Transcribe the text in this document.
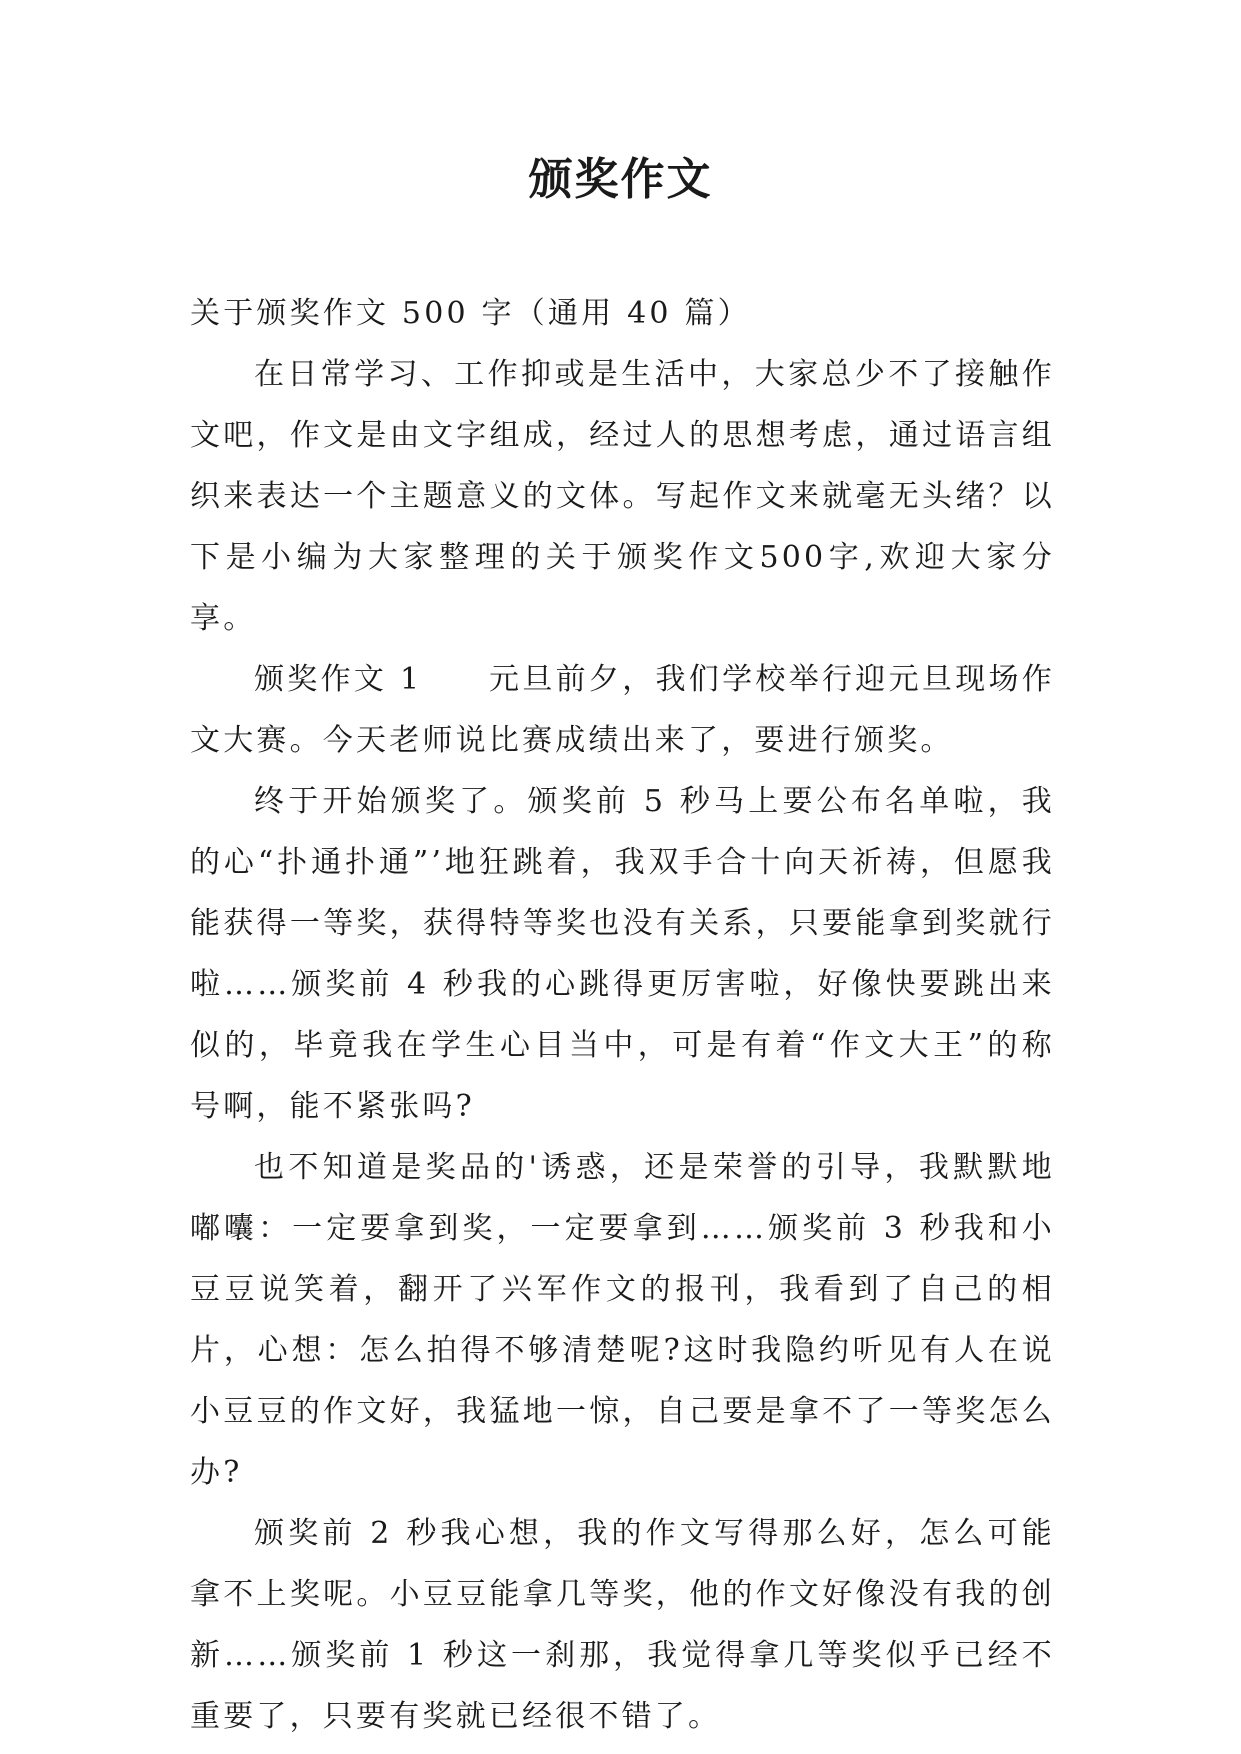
颁奖作文

关于颁奖作文 500 字（通用 40 篇）

在日常学习、工作抑或是生活中，大家总少不了接触作文吧，作文是由文字组成，经过人的思想考虑，通过语言组织来表达一个主题意义的文体。写起作文来就毫无头绪？以下是小编为大家整理的关于颁奖作文500字,欢迎大家分享。

颁奖作文 1　　元旦前夕，我们学校举行迎元旦现场作文大赛。今天老师说比赛成绩出来了，要进行颁奖。

终于开始颁奖了。颁奖前 5 秒马上要公布名单啦，我的心“扑通扑通”’地狂跳着，我双手合十向天祈祷，但愿我能获得一等奖，获得特等奖也没有关系，只要能拿到奖就行啦……颁奖前 4 秒我的心跳得更厉害啦，好像快要跳出来似的，毕竟我在学生心目当中，可是有着“作文大王”的称号啊，能不紧张吗?

也不知道是奖品的'诱惑，还是荣誉的引导，我默默地嘟囔：一定要拿到奖，一定要拿到……颁奖前 3 秒我和小豆豆说笑着，翻开了兴军作文的报刊，我看到了自己的相片，心想：怎么拍得不够清楚呢?这时我隐约听见有人在说小豆豆的作文好，我猛地一惊，自己要是拿不了一等奖怎么办?

颁奖前 2 秒我心想，我的作文写得那么好，怎么可能拿不上奖呢。小豆豆能拿几等奖，他的作文好像没有我的创新……颁奖前 1 秒这一刹那，我觉得拿几等奖似乎已经不重要了，只要有奖就已经很不错了。
